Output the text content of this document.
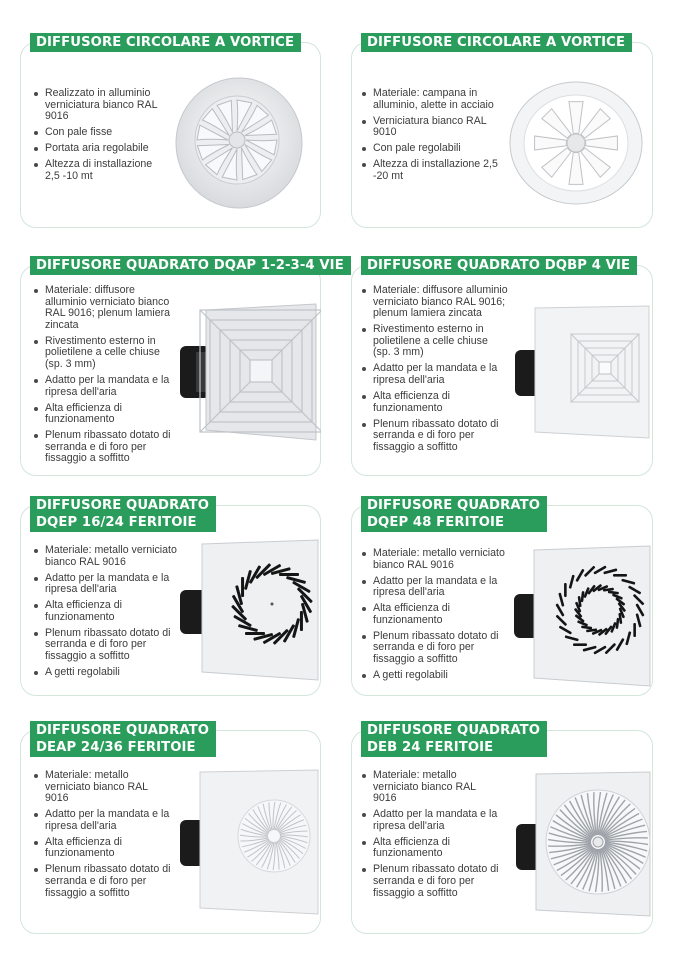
DIFFUSORE CIRCOLARE A VORTICE
Realizzato in alluminio verniciatura bianco RAL 9016
Con pale fisse
Portata aria regolabile
Altezza di installazione 2,5 -10 mt
DIFFUSORE CIRCOLARE A VORTICE
Materiale: campana in alluminio, alette in acciaio
Verniciatura bianco RAL 9010
Con pale regolabili
Altezza di installazione 2,5 -20 mt
DIFFUSORE QUADRATO DQAP 1-2-3-4 VIE
Materiale: diffusore alluminio verniciato bianco RAL 9016; plenum lamiera zincata
Rivestimento esterno in polietilene a celle chiuse (sp. 3 mm)
Adatto per la mandata e la ripresa dell'aria
Alta efficienza di funzionamento
Plenum ribassato dotato di serranda e di foro per fissaggio a soffitto
DIFFUSORE QUADRATO DQBP 4 VIE
Materiale: diffusore alluminio verniciato bianco RAL 9016; plenum lamiera zincata
Rivestimento esterno in polietilene a celle chiuse (sp. 3 mm)
Adatto per la mandata e la ripresa dell'aria
Alta efficienza di funzionamento
Plenum ribassato dotato di serranda e di foro per fissaggio a soffitto
DIFFUSORE QUADRATO
DQEP 16/24 FERITOIE
Materiale: metallo verniciato bianco RAL 9016
Adatto per la mandata e la ripresa dell'aria
Alta efficienza di funzionamento
Plenum ribassato dotato di serranda e di foro per fissaggio a soffitto
A getti regolabili
DIFFUSORE QUADRATO
DQEP 48 FERITOIE
Materiale: metallo verniciato bianco RAL 9016
Adatto per la mandata e la ripresa dell'aria
Alta efficienza di funzionamento
Plenum ribassato dotato di serranda e di foro per fissaggio a soffitto
A getti regolabili
DIFFUSORE QUADRATO
DEAP 24/36 FERITOIE
Materiale: metallo verniciato bianco RAL 9016
Adatto per la mandata e la ripresa dell'aria
Alta efficienza di funzionamento
Plenum ribassato dotato di serranda e di foro per fissaggio a soffitto
DIFFUSORE QUADRATO
DEB 24 FERITOIE
Materiale: metallo verniciato bianco RAL 9016
Adatto per la mandata e la ripresa dell'aria
Alta efficienza di funzionamento
Plenum ribassato dotato di serranda e di foro per fissaggio a soffitto
